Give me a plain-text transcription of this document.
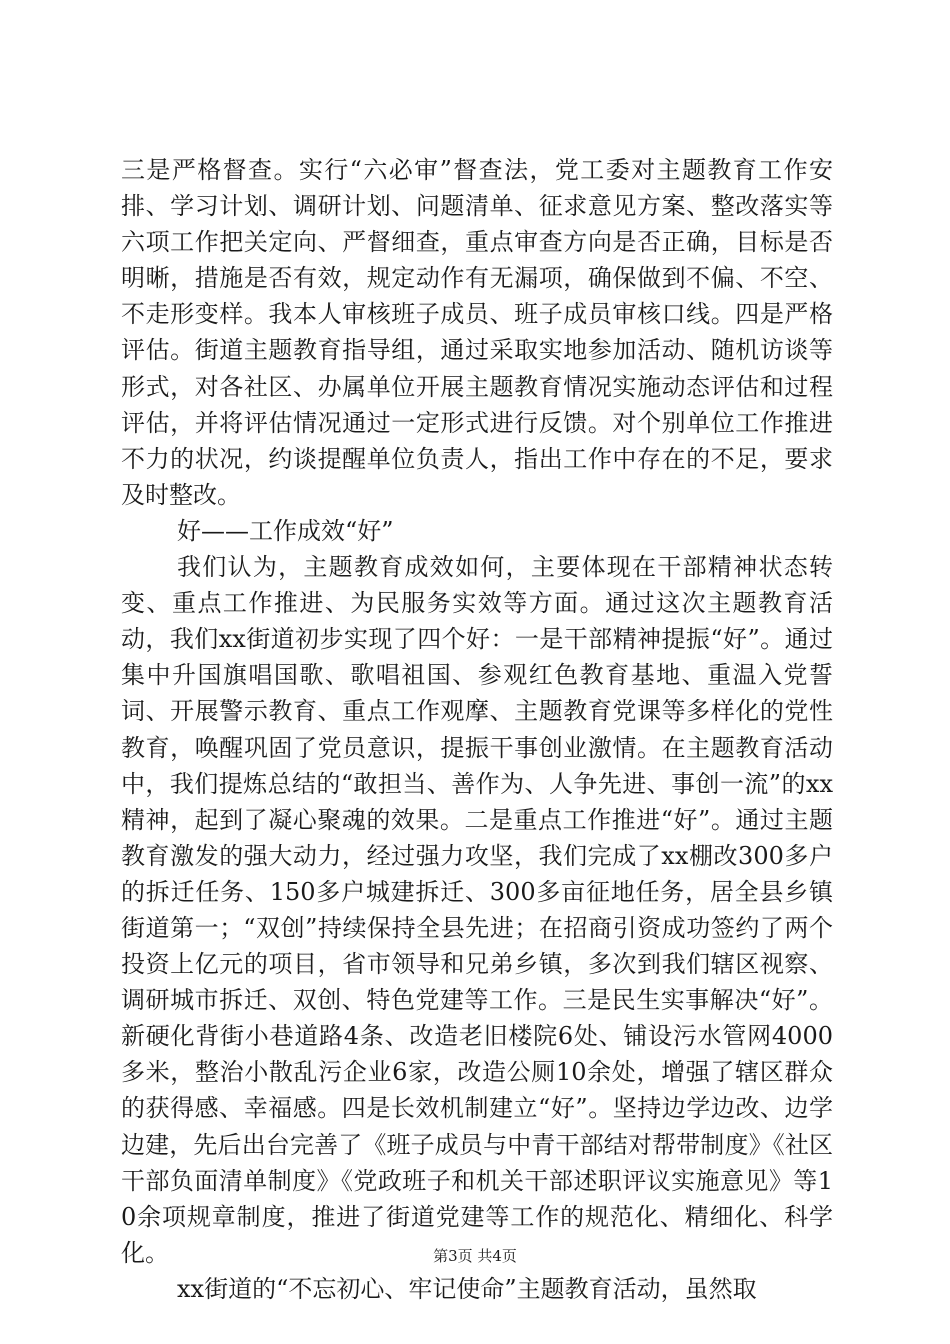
三是严格督查。实行“六必审”督查法，党工委对主题教育工作安排、学习计划、调研计划、问题清单、征求意见方案、整改落实等六项工作把关定向、严督细查，重点审查方向是否正确，目标是否明晰，措施是否有效，规定动作有无漏项，确保做到不偏、不空、不走形变样。我本人审核班子成员、班子成员审核口线。四是严格评估。街道主题教育指导组，通过采取实地参加活动、随机访谈等形式，对各社区、办属单位开展主题教育情况实施动态评估和过程评估，并将评估情况通过一定形式进行反馈。对个别单位工作推进不力的状况，约谈提醒单位负责人，指出工作中存在的不足，要求及时整改。

好——工作成效“好”

我们认为，主题教育成效如何，主要体现在干部精神状态转变、重点工作推进、为民服务实效等方面。通过这次主题教育活动，我们xx街道初步实现了四个好：一是干部精神提振“好”。通过集中升国旗唱国歌、歌唱祖国、参观红色教育基地、重温入党誓词、开展警示教育、重点工作观摩、主题教育党课等多样化的党性教育，唤醒巩固了党员意识，提振干事创业激情。在主题教育活动中，我们提炼总结的“敢担当、善作为、人争先进、事创一流”的xx精神，起到了凝心聚魂的效果。二是重点工作推进“好”。通过主题教育激发的强大动力，经过强力攻坚，我们完成了xx棚改300多户的拆迁任务、150多户城建拆迁、300多亩征地任务，居全县乡镇街道第一；“双创”持续保持全县先进；在招商引资成功签约了两个投资上亿元的项目，省市领导和兄弟乡镇，多次到我们辖区视察、调研城市拆迁、双创、特色党建等工作。三是民生实事解决“好”。新硬化背街小巷道路4条、改造老旧楼院6处、铺设污水管网4000多米，整治小散乱污企业6家，改造公厕10余处，增强了辖区群众的获得感、幸福感。四是长效机制建立“好”。坚持边学边改、边学边建，先后出台完善了《班子成员与中青干部结对帮带制度》《社区干部负面清单制度》《党政班子和机关干部述职评议实施意见》等10余项规章制度，推进了街道党建等工作的规范化、精细化、科学化。

xx街道的“不忘初心、牢记使命”主题教育活动，虽然取

第3页 共4页
